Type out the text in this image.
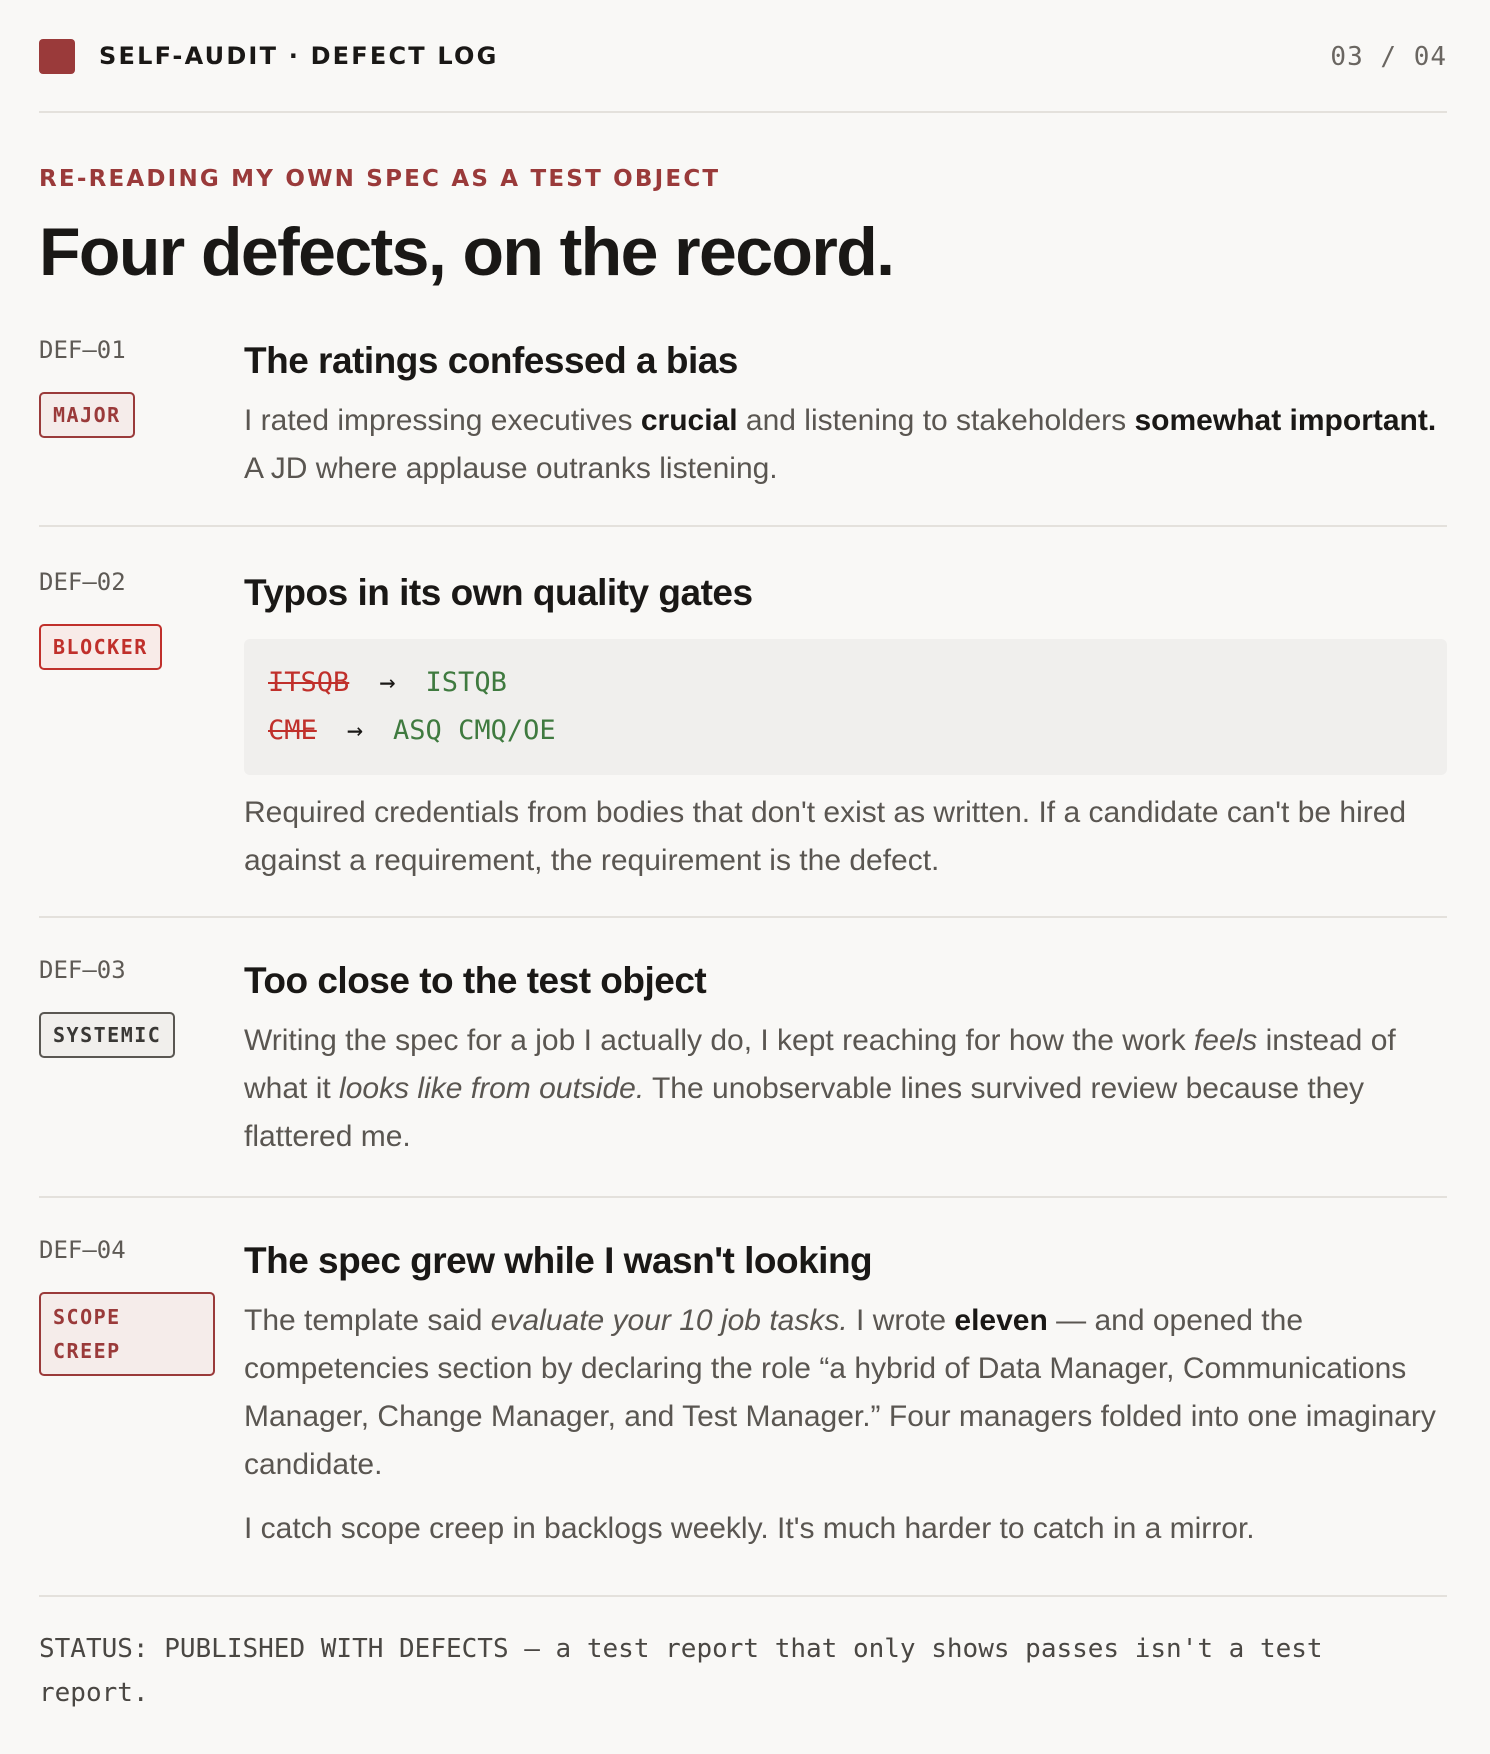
SELF-AUDIT · DEFECT LOG	03 / 04
RE-READING MY OWN SPEC AS A TEST OBJECT
Four defects, on the record.
DEF–01
MAJOR
The ratings confessed a bias

I rated impressing executives crucial and listening to stakeholders somewhat important. A JD where applause outranks listening.

DEF–02
BLOCKER
Typos in its own quality gates
ITSQB → ISTQB
CME → ASQ CMQ/OE

Required credentials from bodies that don't exist as written. If a candidate can't be hired against a requirement, the requirement is the defect.

DEF–03
SYSTEMIC
Too close to the test object

Writing the spec for a job I actually do, I kept reaching for how the work feels instead of what it looks like from outside. The unobservable lines survived review because they flattered me.

DEF–04
SCOPE
CREEP
The spec grew while I wasn't looking

The template said evaluate your 10 job tasks. I wrote eleven — and opened the competencies section by declaring the role “a hybrid of Data Manager, Communications Manager, Change Manager, and Test Manager.” Four managers folded into one imaginary candidate.

I catch scope creep in backlogs weekly. It's much harder to catch in a mirror.

STATUS: PUBLISHED WITH DEFECTS — a test report that only shows passes isn't a test report.
